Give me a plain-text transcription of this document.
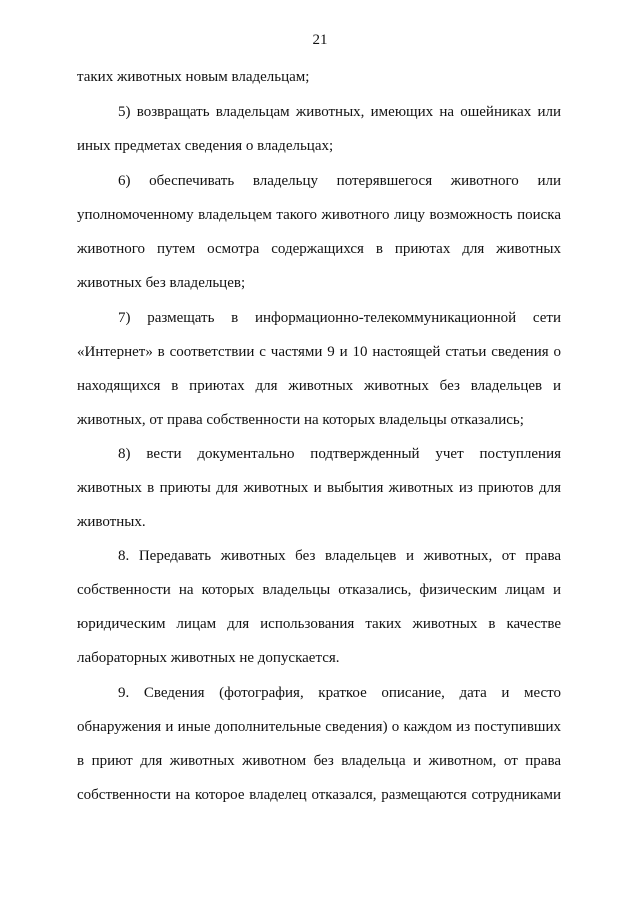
21
таких животных новым владельцам;
5) возвращать владельцам животных, имеющих на ошейниках или
иных предметах сведения о владельцах;
6) обеспечивать владельцу потерявшегося животного или
уполномоченному владельцем такого животного лицу возможность поиска
животного путем осмотра содержащихся в приютах для животных
животных без владельцев;
7) размещать в информационно-телекоммуникационной сети
«Интернет» в соответствии с частями 9 и 10 настоящей статьи сведения о
находящихся в приютах для животных животных без владельцев и
животных, от права собственности на которых владельцы отказались;
8) вести документально подтвержденный учет поступления
животных в приюты для животных и выбытия животных из приютов для
животных.
8. Передавать животных без владельцев и животных, от права
собственности на которых владельцы отказались, физическим лицам и
юридическим лицам для использования таких животных в качестве
лабораторных животных не допускается.
9. Сведения (фотография, краткое описание, дата и место
обнаружения и иные дополнительные сведения) о каждом из поступивших
в приют для животных животном без владельца и животном, от права
собственности на которое владелец отказался, размещаются сотрудниками
